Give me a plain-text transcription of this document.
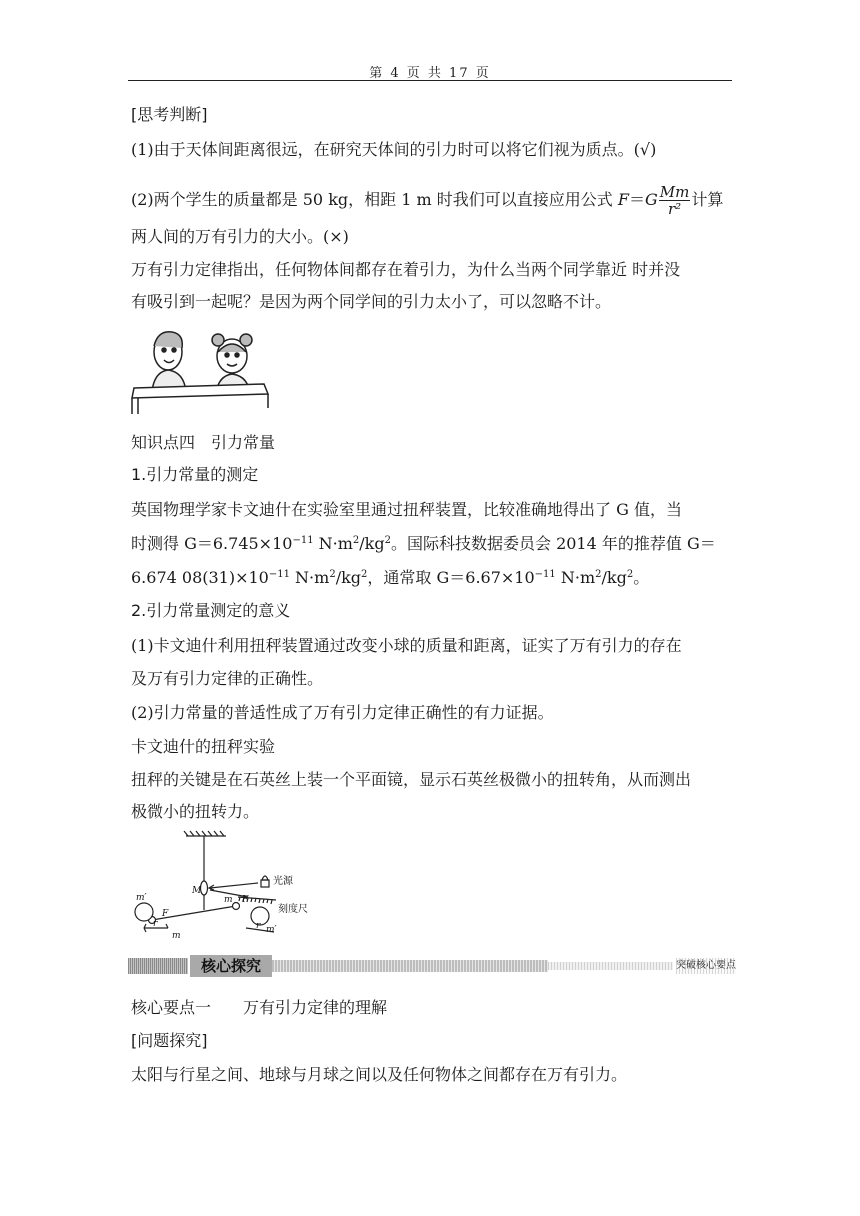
第 4 页 共 17 页
[思考判断]
(1)由于天体间距离很远，在研究天体间的引力时可以将它们视为质点。(√)
(2)两个学生的质量都是 50 kg，相距 1 m 时我们可以直接应用公式 $F=G \frac{Mm}{\text{r²}}$ 计算
两人间的万有引力的大小。(×)
万有引力定律指出，任何物体间都存在着引力，为什么当两个同学靠近 时并没
有吸引到一起呢？是因为两个同学间的引力太小了，可以忽略不计。
知识点四　引力常量
1.引力常量的测定
英国物理学家卡文迪什在实验室里通过扭秤装置，比较准确地得出了 G 值，当
时测得 $G=6.745\times 10^{-11}$ $N\cdot m^2/kg^2$。国际科技数据委员会 2014 年的推荐值 G＝
6.674 $08(31)\times 10^{-11}$ $N\cdot m^2/kg^2$，通常取 $G=6.67\times 10^{-11}$ $N\cdot m^2/kg^2$。
2.引力常量测定的意义
(1)卡文迪什利用扭秤装置通过改变小球的质量和距离，证实了万有引力的存在
及万有引力定律的正确性。
(2)引力常量的普适性成了万有引力定律正确性的有力证据。
卡文迪什的扭秤实验
扭秤的关键是在石英丝上装一个平面镜，显示石英丝极微小的扭转角，从而测出
极微小的扭转力。
M
光源
刻度尺
m′
m′
F
F
m
m
r	r
核心探究	突破核心要点
核心要点一　　万有引力定律的理解
[问题探究]
太阳与行星之间、地球与月球之间以及任何物体之间都存在万有引力。
